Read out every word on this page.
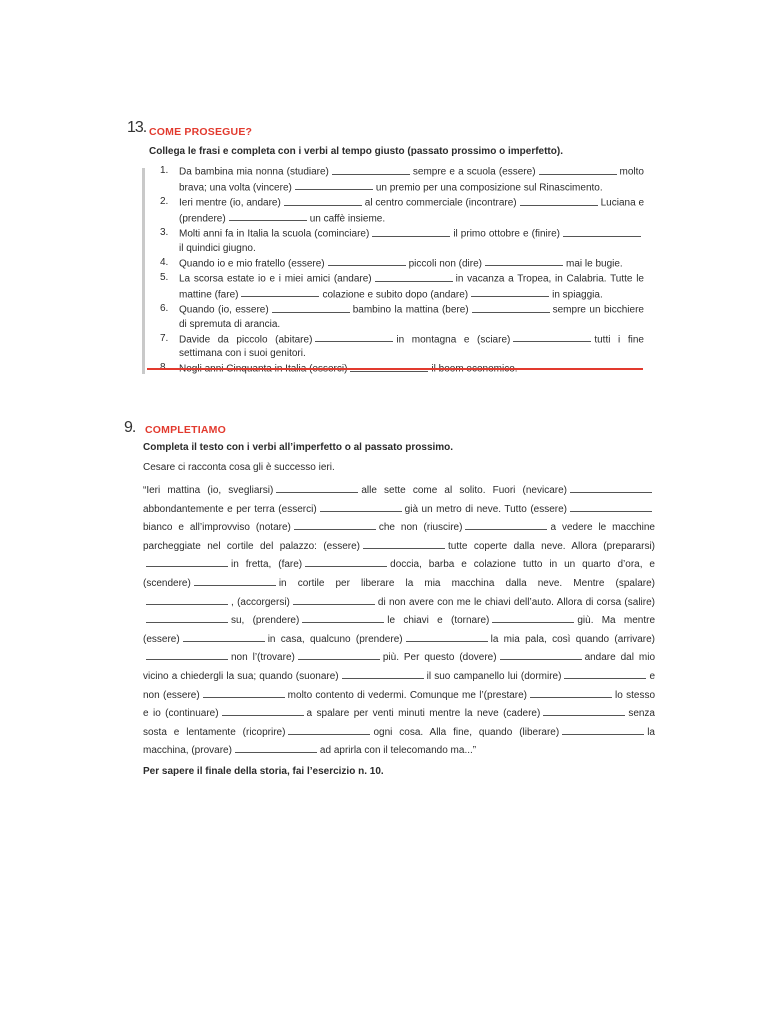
13. COME PROSEGUE?
Collega le frasi e completa con i verbi al tempo giusto (passato prossimo o imperfetto).
1.	Da bambina mia nonna (studiare)	sempre e a scuola (essere)	molto brava; una volta (vincere)	un premio per una composizione sul Rinascimento.
2.	Ieri mentre (io, andare)	al centro commerciale (incontrare)	Luciana e (prendere)	un caffè insieme.
3.	Molti anni fa in Italia la scuola (cominciare)	il primo ottobre e (finire)il quindici giugno.
4.	Quando io e mio fratello (essere)	piccoli non (dire)	mai le bugie.
5.	La scorsa estate io e i miei amici (andare)	in vacanza a Tropea, in Calabria. Tutte le mattine (fare)	colazione e subito dopo (andare)	in spiaggia.
6.	Quando (io, essere)	bambino la mattina (bere)	sempre un bicchiere di spremuta di arancia.
7.	Davide da piccolo (abitare)	in montagna e (sciare)	tutti i fine settimana con i suoi genitori.
9. COMPLETIAMO
Completa il testo con i verbi all’imperfetto o al passato prossimo.
Cesare ci racconta cosa gli è successo ieri.
“Ieri mattina (io, svegliarsi)	alle sette come al solito. Fuori (nevicare)abbondantemente e per terra (esserci)	già un metro di neve. Tutto (essere)bianco e all’improvviso (notare)	che non (riuscire)	a vedere le macchine parcheggiate nel cortile del palazzo: (essere)	tutte coperte dalla neve. Allora (prepararsi)in fretta, (fare)	doccia, barba e colazione tutto in un quarto d’ora, e (scendere)	in cortile per liberare la mia macchina dalla neve. Mentre (spalare), (accorgersi)	di non avere con me le chiavi dell’auto. Allora di corsa (salire)su, (prendere)	le chiavi e (tornare)	giù. Ma mentre (essere)	in casa, qualcuno (prendere)	la mia pala, così quando (arrivare)non l’(trovare)	più. Per questo (dovere)	andare dal mio vicino a chiedergli la sua; quando (suonare)	il suo campanello lui (dormire)	e non (essere)	molto contento di vedermi. Comunque me l’(prestare)	lo stesso e io (continuare)	a spalare per venti minuti mentre la neve (cadere)	senza sosta e lentamente (ricoprire)	ogni cosa. Alla fine, quando (liberare)	la macchina, (provare)	ad aprirla con il telecomando ma...”
Per sapere il finale della storia, fai l’esercizio n. 10.
